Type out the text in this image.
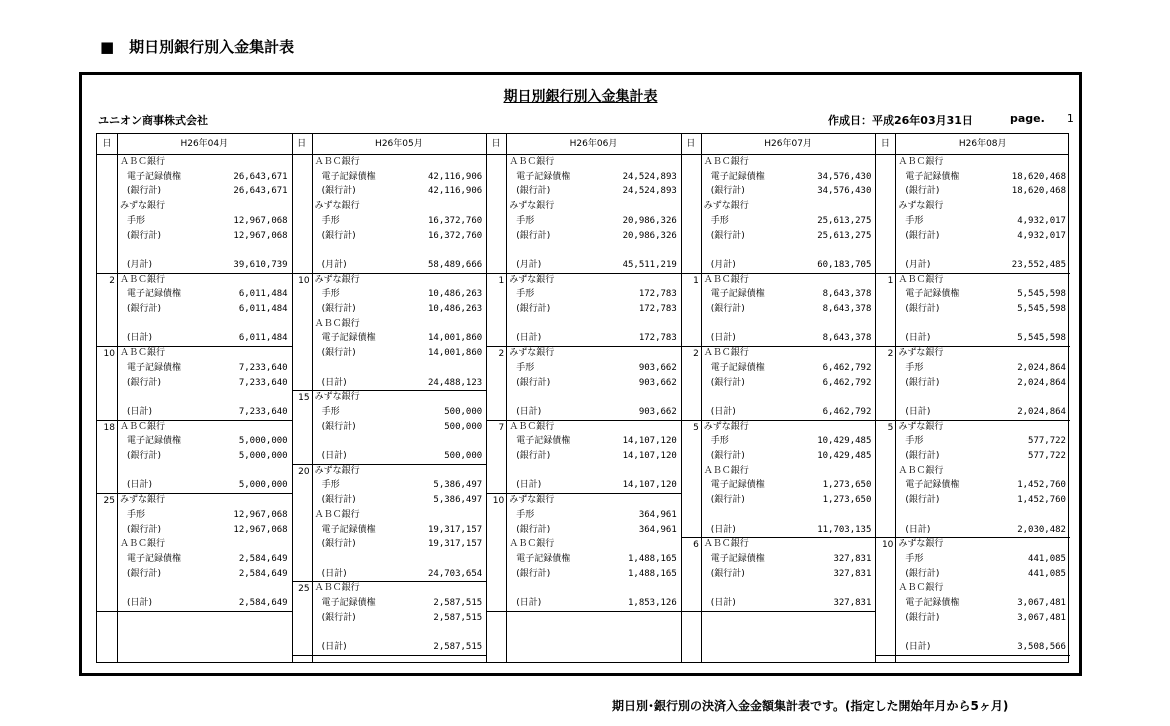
■　期日別銀行別入金集計表
期日別銀行別入金集計表
ユニオン商事株式会社	作成日：平成26年03月31日	page. 1
日	H26年04月
ＡＢＣ銀行
電子記録債権	26,643,671
(銀行計)	26,643,671
みずな銀行
手形	12,967,068
(銀行計)	12,967,068
(月計)	39,610,739
2 ＡＢＣ銀行
電子記録債権	6,011,484
(銀行計)	6,011,484
(日計)	6,011,484
10 ＡＢＣ銀行
電子記録債権	7,233,640
(銀行計)	7,233,640
(日計)	7,233,640
18 ＡＢＣ銀行
電子記録債権	5,000,000
(銀行計)	5,000,000
(日計)	5,000,000
25 みずな銀行
手形	12,967,068
(銀行計)	12,967,068
ＡＢＣ銀行
電子記録債権	2,584,649
(銀行計)	2,584,649
(日計)	2,584,649
日	H26年05月
ＡＢＣ銀行
電子記録債権	42,116,906
(銀行計)	42,116,906
みずな銀行
手形	16,372,760
(銀行計)	16,372,760
(月計)	58,489,666
10 みずな銀行
手形	10,486,263
(銀行計)	10,486,263
ＡＢＣ銀行
電子記録債権	14,001,860
(銀行計)	14,001,860
(日計)	24,488,123
15 みずな銀行
手形	500,000
(銀行計)	500,000
(日計)	500,000
20 みずな銀行
手形	5,386,497
(銀行計)	5,386,497
ＡＢＣ銀行
電子記録債権	19,317,157
(銀行計)	19,317,157
(日計)	24,703,654
25 ＡＢＣ銀行
電子記録債権	2,587,515
(銀行計)	2,587,515
(日計)	2,587,515
日	H26年06月
ＡＢＣ銀行
電子記録債権	24,524,893
(銀行計)	24,524,893
みずな銀行
手形	20,986,326
(銀行計)	20,986,326
(月計)	45,511,219
1 みずな銀行
手形	172,783
(銀行計)	172,783
(日計)	172,783
2 みずな銀行
手形	903,662
(銀行計)	903,662
(日計)	903,662
7 ＡＢＣ銀行
電子記録債権	14,107,120
(銀行計)	14,107,120
(日計)	14,107,120
10 みずな銀行
手形	364,961
(銀行計)	364,961
ＡＢＣ銀行
電子記録債権	1,488,165
(銀行計)	1,488,165
(日計)	1,853,126
日	H26年07月
ＡＢＣ銀行
電子記録債権	34,576,430
(銀行計)	34,576,430
みずな銀行
手形	25,613,275
(銀行計)	25,613,275
(月計)	60,183,705
1 ＡＢＣ銀行
電子記録債権	8,643,378
(銀行計)	8,643,378
(日計)	8,643,378
2 ＡＢＣ銀行
電子記録債権	6,462,792
(銀行計)	6,462,792
(日計)	6,462,792
5 みずな銀行
手形	10,429,485
(銀行計)	10,429,485
ＡＢＣ銀行
電子記録債権	1,273,650
(銀行計)	1,273,650
(日計)	11,703,135
6 ＡＢＣ銀行
電子記録債権	327,831
(銀行計)	327,831
(日計)	327,831
日	H26年08月
ＡＢＣ銀行
電子記録債権	18,620,468
(銀行計)	18,620,468
みずな銀行
手形	4,932,017
(銀行計)	4,932,017
(月計)	23,552,485
1 ＡＢＣ銀行
電子記録債権	5,545,598
(銀行計)	5,545,598
(日計)	5,545,598
2 みずな銀行
手形	2,024,864
(銀行計)	2,024,864
(日計)	2,024,864
5 みずな銀行
手形	577,722
(銀行計)	577,722
ＡＢＣ銀行
電子記録債権	1,452,760
(銀行計)	1,452,760
(日計)	2,030,482
10 みずな銀行
手形	441,085
(銀行計)	441,085
ＡＢＣ銀行
電子記録債権	3,067,481
(銀行計)	3,067,481
(日計)	3,508,566
期日別･銀行別の決済入金金額集計表です。(指定した開始年月から5ヶ月)
